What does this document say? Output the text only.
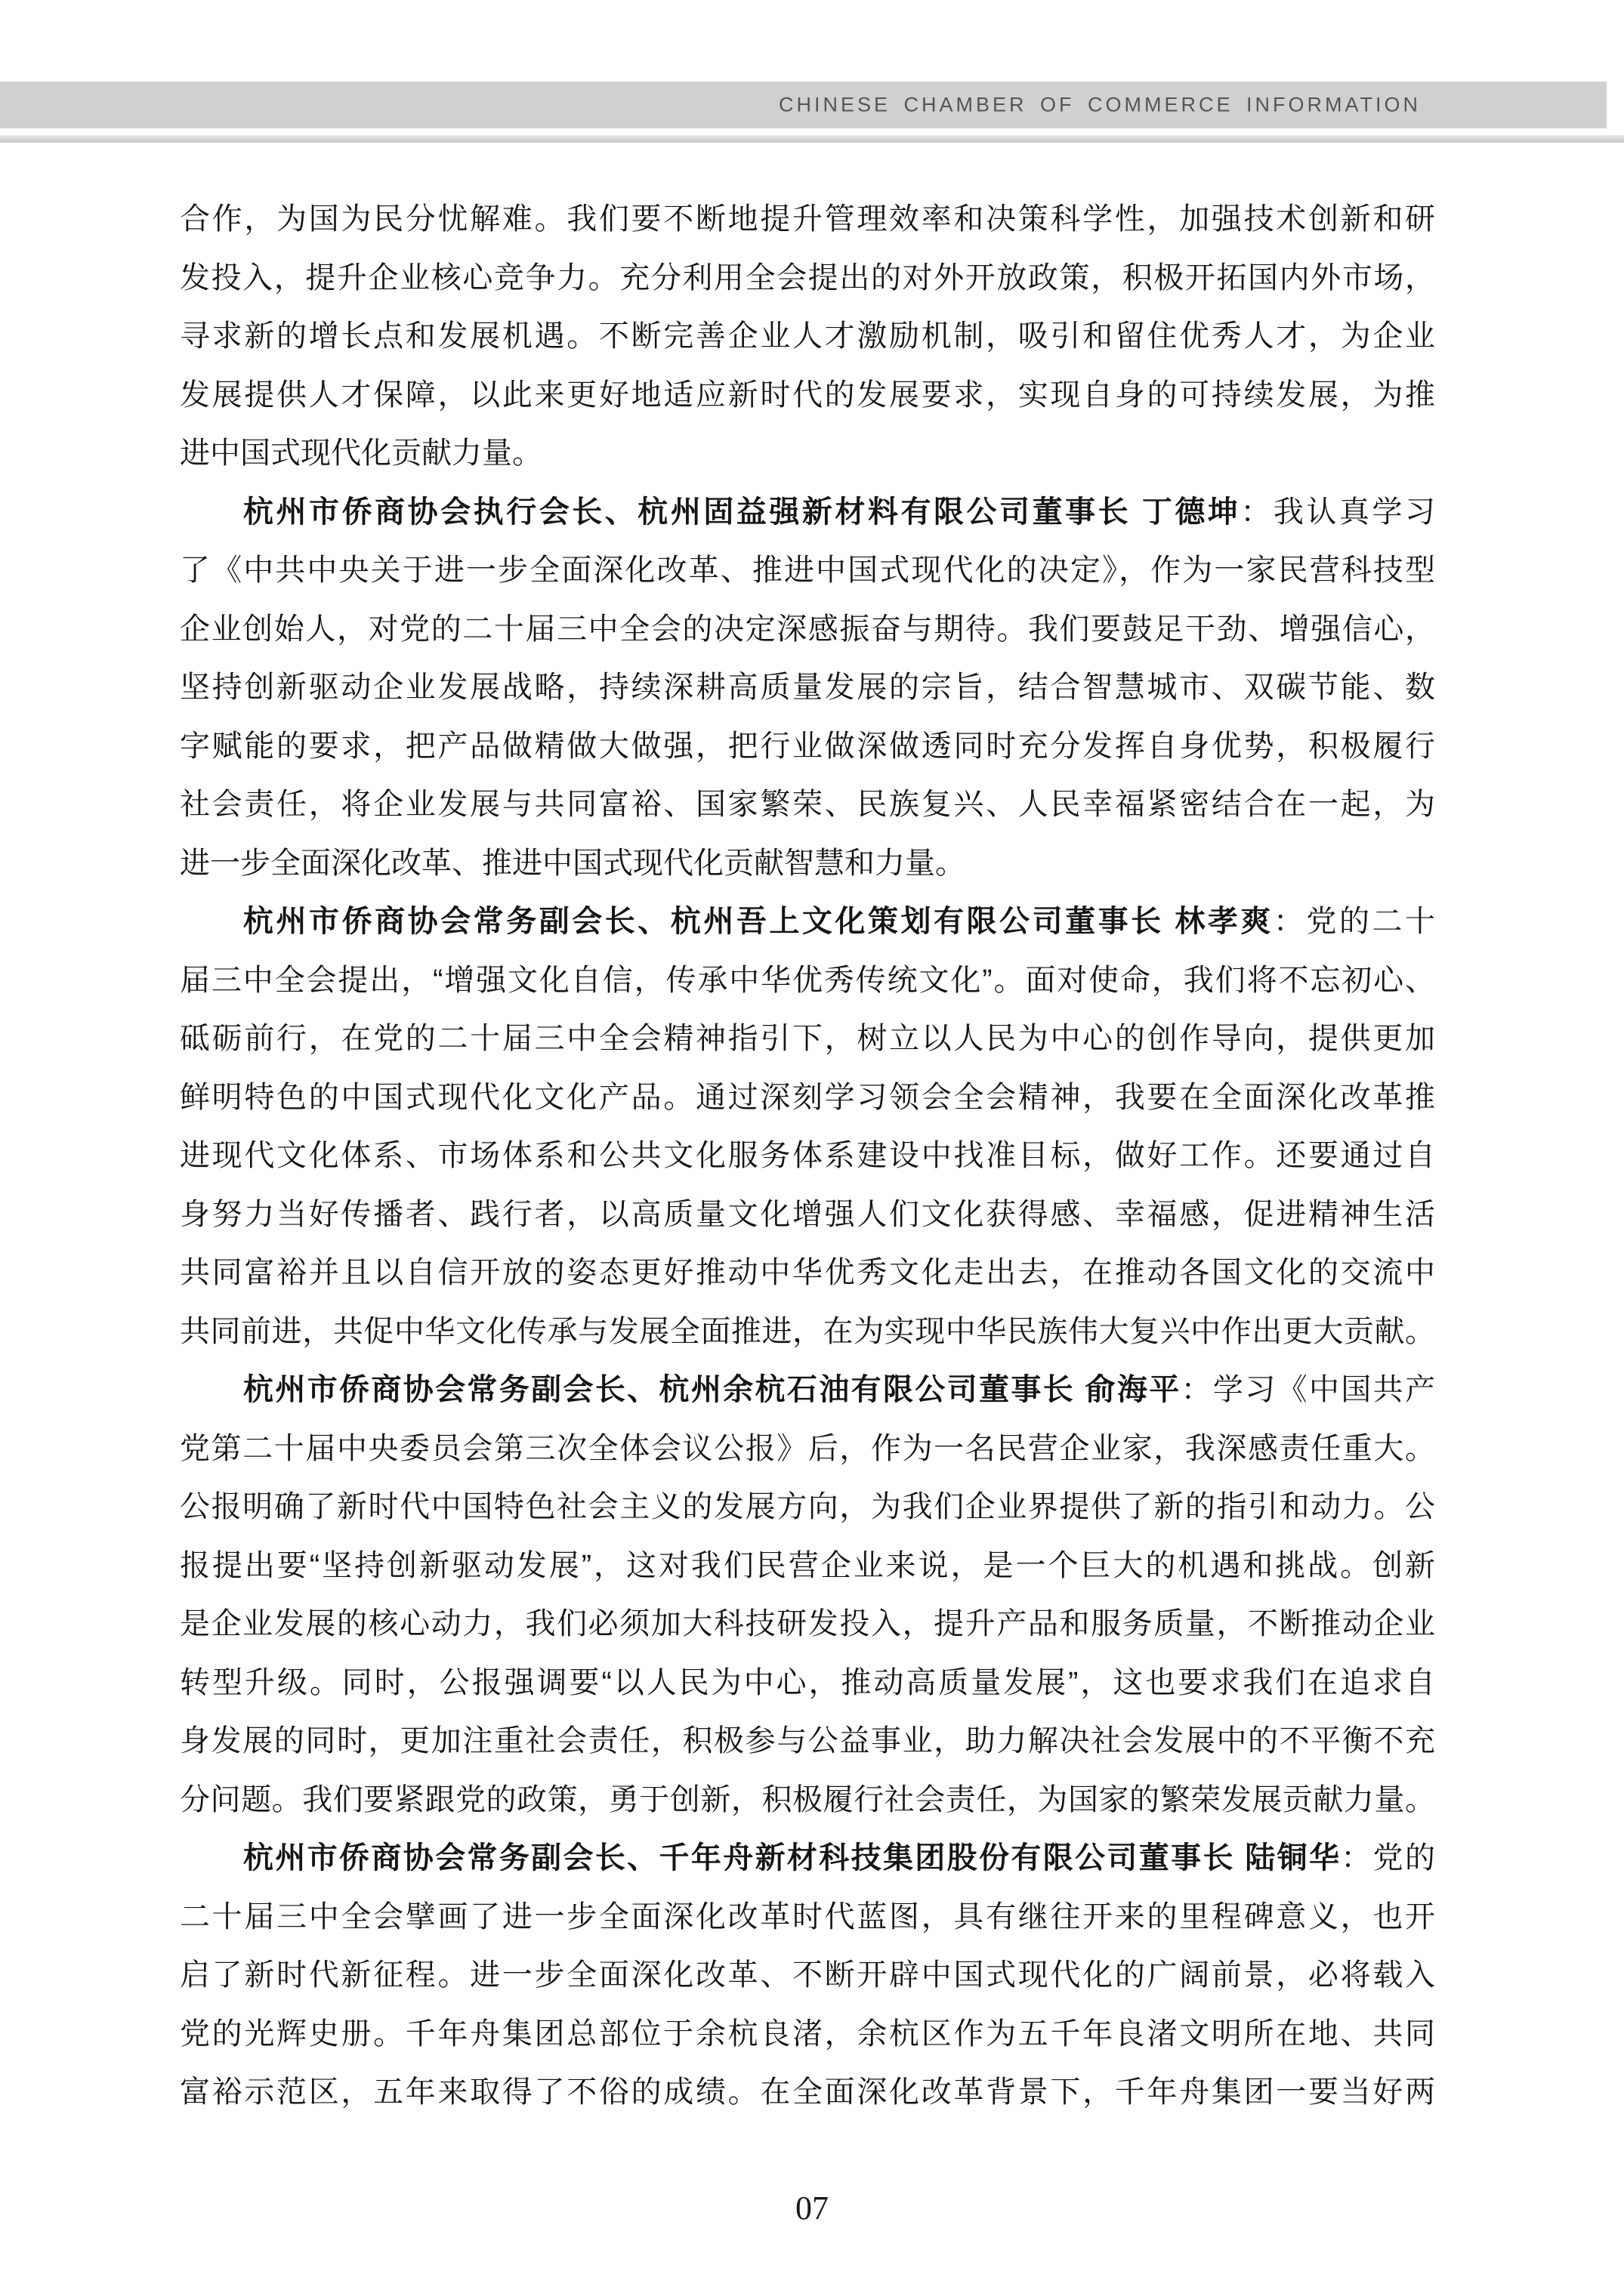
CHINESE CHAMBER OF COMMERCE INFORMATION
合作，为国为民分忧解难。我们要不断地提升管理效率和决策科学性，加强技术创新和研
发投入，提升企业核心竞争力。充分利用全会提出的对外开放政策，积极开拓国内外市场，
寻求新的增长点和发展机遇。不断完善企业人才激励机制，吸引和留住优秀人才，为企业
发展提供人才保障，以此来更好地适应新时代的发展要求，实现自身的可持续发展，为推
进中国式现代化贡献力量。
杭州市侨商协会执行会长、杭州固益强新材料有限公司董事长 丁德坤：我认真学习
了《中共中央关于进一步全面深化改革、推进中国式现代化的决定》，作为一家民营科技型
企业创始人，对党的二十届三中全会的决定深感振奋与期待。我们要鼓足干劲、增强信心，
坚持创新驱动企业发展战略，持续深耕高质量发展的宗旨，结合智慧城市、双碳节能、数
字赋能的要求，把产品做精做大做强，把行业做深做透同时充分发挥自身优势，积极履行
社会责任，将企业发展与共同富裕、国家繁荣、民族复兴、人民幸福紧密结合在一起，为
进一步全面深化改革、推进中国式现代化贡献智慧和力量。
杭州市侨商协会常务副会长、杭州吾上文化策划有限公司董事长 林孝爽：党的二十
届三中全会提出，“增强文化自信，传承中华优秀传统文化”。面对使命，我们将不忘初心、
砥砺前行，在党的二十届三中全会精神指引下，树立以人民为中心的创作导向，提供更加
鲜明特色的中国式现代化文化产品。通过深刻学习领会全会精神，我要在全面深化改革推
进现代文化体系、市场体系和公共文化服务体系建设中找准目标，做好工作。还要通过自
身努力当好传播者、践行者，以高质量文化增强人们文化获得感、幸福感，促进精神生活
共同富裕并且以自信开放的姿态更好推动中华优秀文化走出去，在推动各国文化的交流中
共同前进，共促中华文化传承与发展全面推进，在为实现中华民族伟大复兴中作出更大贡献。
杭州市侨商协会常务副会长、杭州余杭石油有限公司董事长 俞海平：学习《中国共产
党第二十届中央委员会第三次全体会议公报》后，作为一名民营企业家，我深感责任重大。
公报明确了新时代中国特色社会主义的发展方向，为我们企业界提供了新的指引和动力。公
报提出要“坚持创新驱动发展”，这对我们民营企业来说，是一个巨大的机遇和挑战。创新
是企业发展的核心动力，我们必须加大科技研发投入，提升产品和服务质量，不断推动企业
转型升级。同时，公报强调要“以人民为中心，推动高质量发展”，这也要求我们在追求自
身发展的同时，更加注重社会责任，积极参与公益事业，助力解决社会发展中的不平衡不充
分问题。我们要紧跟党的政策，勇于创新，积极履行社会责任，为国家的繁荣发展贡献力量。
杭州市侨商协会常务副会长、千年舟新材科技集团股份有限公司董事长 陆铜华：党的
二十届三中全会擘画了进一步全面深化改革时代蓝图，具有继往开来的里程碑意义，也开
启了新时代新征程。进一步全面深化改革、不断开辟中国式现代化的广阔前景，必将载入
党的光辉史册。千年舟集团总部位于余杭良渚，余杭区作为五千年良渚文明所在地、共同
富裕示范区，五年来取得了不俗的成绩。在全面深化改革背景下，千年舟集团一要当好两
07
